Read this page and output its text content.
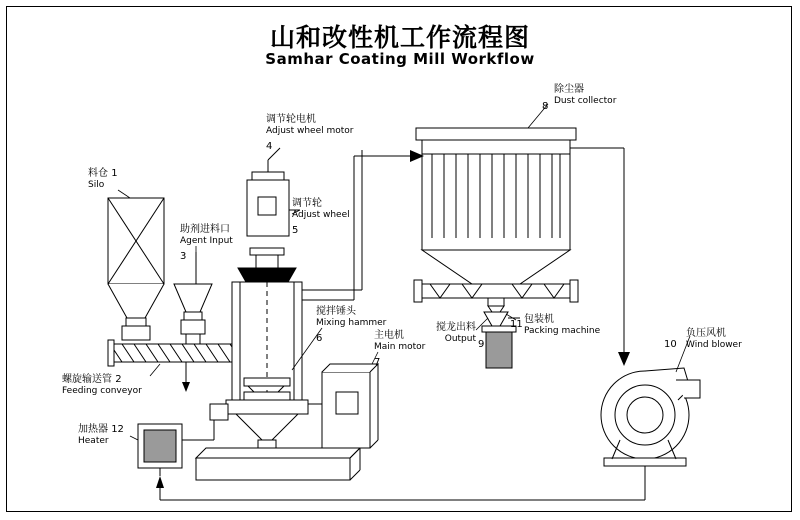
山和改性机工作流程图
Samhar Coating Mill Workflow
料仓 1
Silo
螺旋输送管 2
Feeding conveyor
助剂进料口
Agent Input
3
调节轮电机
Adjust wheel motor
4
调节轮
Adjust wheel
5
搅拌锤头
Mixing hammer
6	主电机
Main motor
7
除尘器
Dust collector
8
搅龙出料
Output
9
负压风机
Wind blower
10
包装机
Packing machine
11
加热器 12
Heater
